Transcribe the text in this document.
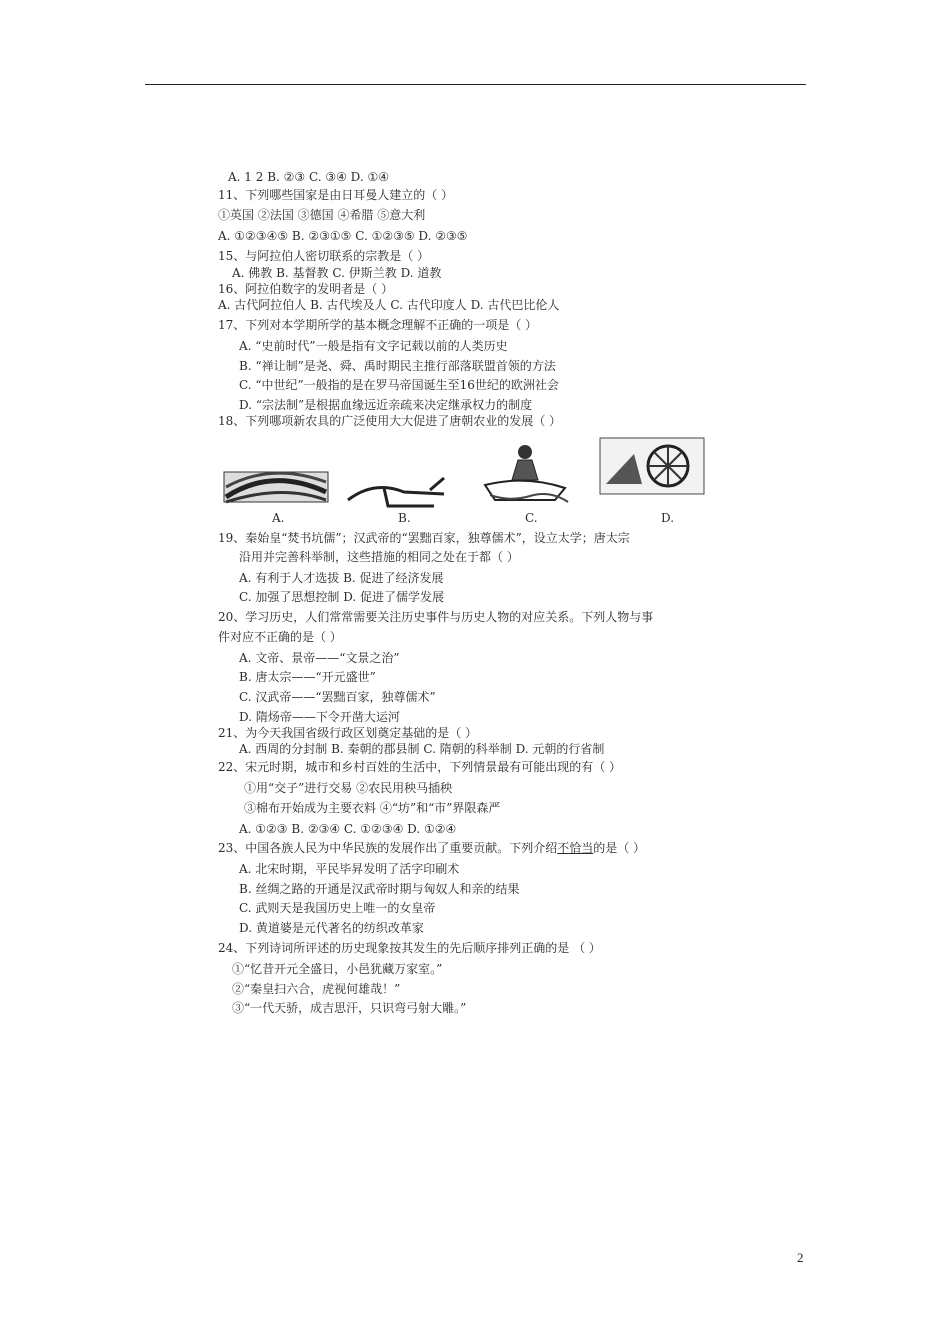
A. 1 2 B. ②③ C. ③④ D. ①④
11、下列哪些国家是由日耳曼人建立的（ ）
①英国 ②法国 ③德国 ④希腊 ⑤意大利
A. ①②③④⑤ B. ②③①⑤ C. ①②③⑤ D. ②③⑤
15、与阿拉伯人密切联系的宗教是（ ）
A. 佛教 B. 基督教 C. 伊斯兰教 D. 道教
16、阿拉伯数字的发明者是（ ）
A. 古代阿拉伯人 B. 古代埃及人 C. 古代印度人 D. 古代巴比伦人
17、下列对本学期所学的基本概念理解不正确的一项是（ ）
A. “史前时代”一般是指有文字记载以前的人类历史
B. “禅让制”是尧、舜、禹时期民主推行部落联盟首领的方法
C. “中世纪”一般指的是在罗马帝国诞生至16世纪的欧洲社会
D. “宗法制”是根据血缘远近亲疏来决定继承权力的制度
18、下列哪项新农具的广泛使用大大促进了唐朝农业的发展（ ）
19、秦始皇“焚书坑儒”；汉武帝的“罢黜百家，独尊儒术”，设立太学；唐太宗
沿用并完善科举制，这些措施的相同之处在于都（ ）
A. 有利于人才选拔 B. 促进了经济发展
C. 加强了思想控制 D. 促进了儒学发展
20、学习历史，人们常常需要关注历史事件与历史人物的对应关系。下列人物与事
件对应不正确的是（ ）
A. 文帝、景帝——“文景之治”
B. 唐太宗——“开元盛世”
C. 汉武帝——“罢黜百家，独尊儒术”
D. 隋炀帝——下令开凿大运河
21、为今天我国省级行政区划奠定基础的是（ ）
A. 西周的分封制 B. 秦朝的郡县制 C. 隋朝的科举制 D. 元朝的行省制
22、宋元时期，城市和乡村百姓的生活中，下列情景最有可能出现的有（ ）
①用“交子”进行交易 ②农民用秧马插秧
③棉布开始成为主要衣料 ④“坊”和“市”界限森严
A. ①②③ B. ②③④ C. ①②③④ D. ①②④
A.	B.	C.	D.
23、中国各族人民为中华民族的发展作出了重要贡献。下列介绍不恰当的是（ ）
A. 北宋时期，平民毕昇发明了活字印刷术
B. 丝绸之路的开通是汉武帝时期与匈奴人和亲的结果
C. 武则天是我国历史上唯一的女皇帝
D. 黄道婆是元代著名的纺织改革家
24、下列诗词所评述的历史现象按其发生的先后顺序排列正确的是 （ ）
①“忆昔开元全盛日，小邑犹藏万家室。”
②“秦皇扫六合，虎视何雄哉！”
③“一代天骄，成吉思汗，只识弯弓射大雕。”
2
